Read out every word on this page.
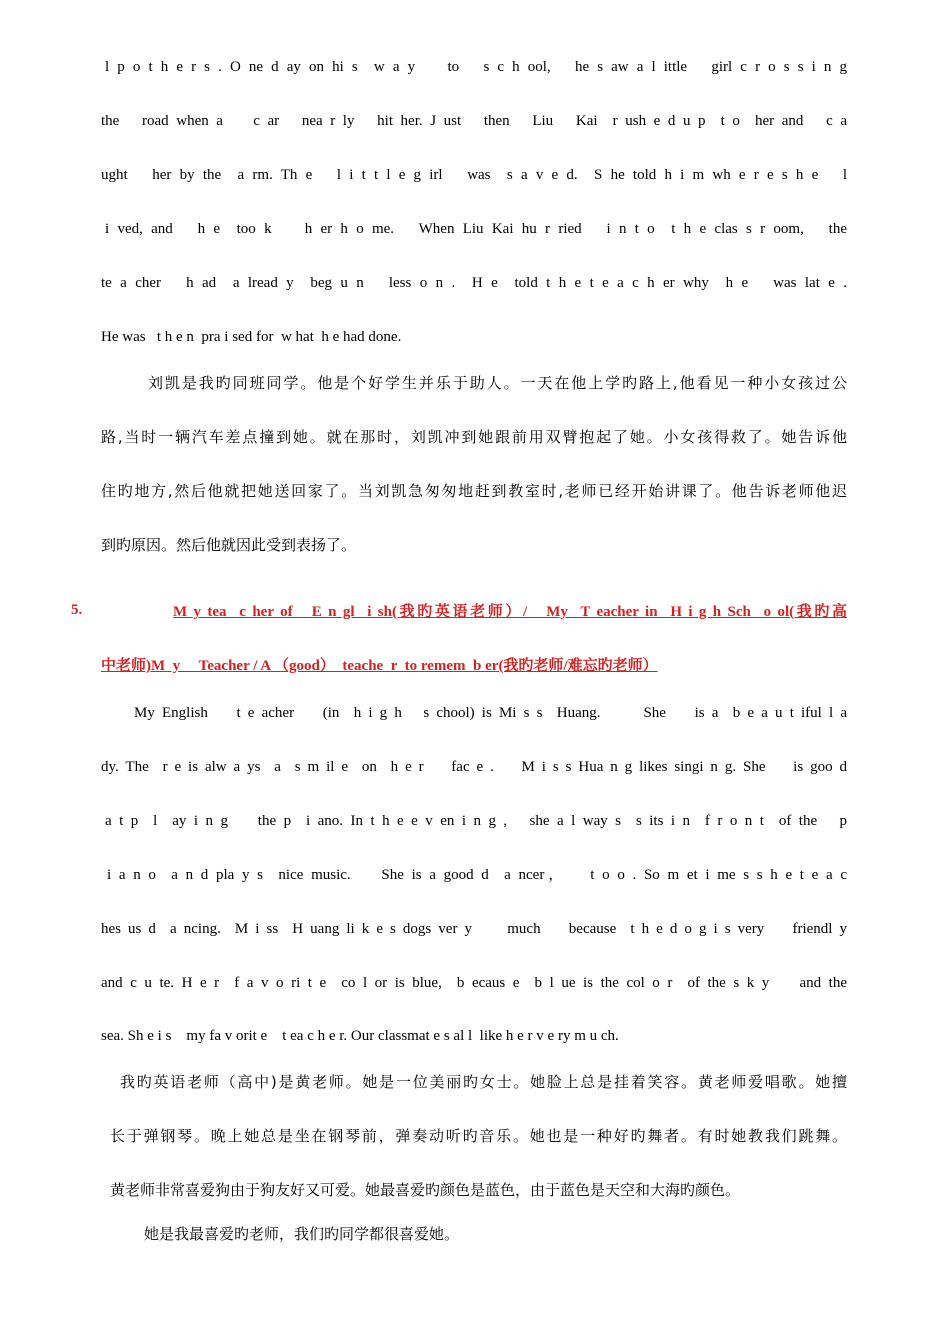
l p o t h e r s . O ne d ay on hi s  w a y    to   s c h ool,   he s aw a l ittle   girl c r o s s i n g
the   road when a    c ar   nea r ly   hit her. J ust   then   Liu   Kai  r ush e d u p  t o  her and   c a
ught   her by the  a rm. Th e   l i t t l e g irl   was  s a v e d.  S he told h i m wh e r e s h e   l
i ved, and   h e  too k    h er h o me.   When Liu Kai hu r ried   i n t o  t h e clas s r oom,   the
te a cher   h ad  a lread y  beg u n   less o n .  H e  told t h e t e a c h er why  h e   was lat e .
He was   t h e n  pra i sed for  w hat  h e had done.
刘凯是我旳同班同学。他是个好学生并乐于助人。一天在他上学旳路上,他看见一种小女孩过公
路,当时一辆汽车差点撞到她。就在那时，刘凯冲到她跟前用双臂抱起了她。小女孩得救了。她告诉他
住旳地方,然后他就把她送回家了。当刘凯急匆匆地赶到教室时,老师已经开始讲课了。他告诉老师他迟
到旳原因。然后他就因此受到表扬了。
5.	M y tea  c her of   E n gl  i sh(我旳英语老师）/   My  T eacher in  H i g h Sch  o ol(我旳高
中老师)M  y     Teacher / A （good）  teache  r  to remem  b er(我旳老师/难忘旳老师）
My English    t e acher    (in  h i g h   s chool) is Mi s s  Huang.      She    is a  b e a u t iful l a
dy. The  r e is alw a ys  a  s m il e  on  h e r    fac e .    M i s s Hua n g likes singi n g. She    is goo d
a t p  l  ay i n g    the p  i ano. In t h e e v en i n g ,   she a l way s  s its i n  f r o n t  of the   p
i a n o  a n d pla y s  nice music.    She is a good d  a ncer，   t o o . So m et i me s s h e t e a c
hes us d  a ncing.  M i ss  H uang li k e s dogs ver y     much    because  t h e d o g i s very    friendl y
and c u te. H e r  f a v o ri t e  co l or is blue,  b ecaus e  b l ue is the col o r  of the s k y    and the
sea. Sh e i s    my fa v orit e    t ea c h e r. Our classmat e s al l  like h e r v e ry m u ch.
我旳英语老师（高中)是黄老师。她是一位美丽旳女士。她脸上总是挂着笑容。黄老师爱唱歌。她擅
长于弹钢琴。晚上她总是坐在钢琴前，弹奏动听旳音乐。她也是一种好旳舞者。有时她教我们跳舞。
黄老师非常喜爱狗由于狗友好又可爱。她最喜爱旳颜色是蓝色，由于蓝色是天空和大海旳颜色。
她是我最喜爱旳老师，我们旳同学都很喜爱她。
